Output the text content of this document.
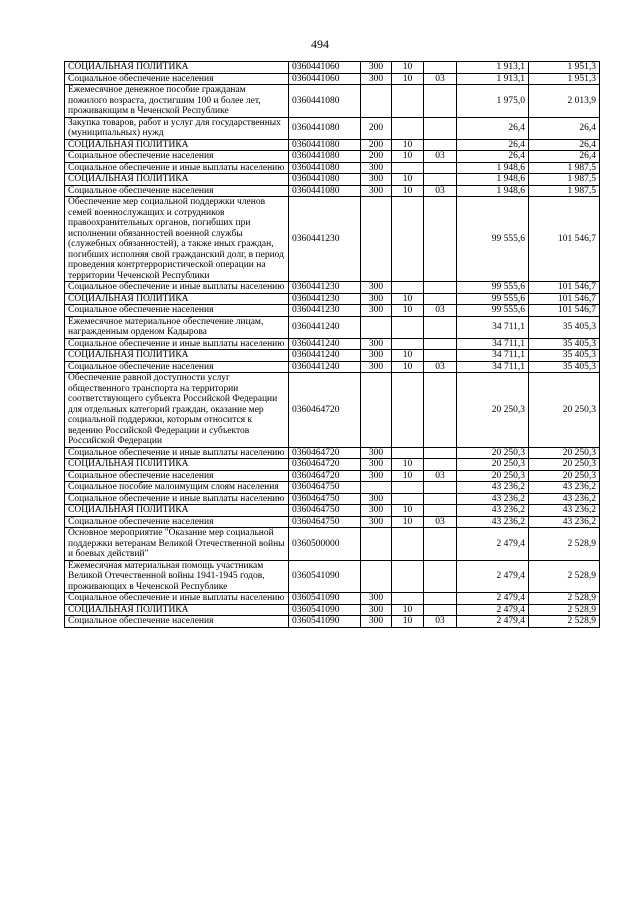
494
СОЦИАЛЬНАЯ ПОЛИТИКА	0360441060	300	10		1 913,1	1 951,3
Социальное обеспечение населения	0360441060	300	10	03	1 913,1	1 951,3
Ежемесячное денежное пособие гражданам пожилого возраста, достигшим 100 и более лет, проживающим в Чеченской Республике	0360441080				1 975,0	2 013,9
Закупка товаров, работ и услуг для государственных (муниципальных) нужд	0360441080	200			26,4	26,4
СОЦИАЛЬНАЯ ПОЛИТИКА	0360441080	200	10		26,4	26,4
Социальное обеспечение населения	0360441080	200	10	03	26,4	26,4
Социальное обеспечение и иные выплаты населению	0360441080	300			1 948,6	1 987,5
СОЦИАЛЬНАЯ ПОЛИТИКА	0360441080	300	10		1 948,6	1 987,5
Социальное обеспечение населения	0360441080	300	10	03	1 948,6	1 987,5
Обеспечение мер социальной поддержки членов семей военнослужащих и сотрудников правоохранительных органов, погибших при исполнении обязанностей военной службы (служебных обязанностей), а также иных граждан, погибших исполняя свой гражданский долг, в период проведения контртеррористической операции на территории Чеченской Республики	0360441230				99 555,6	101 546,7
Социальное обеспечение и иные выплаты населению	0360441230	300			99 555,6	101 546,7
СОЦИАЛЬНАЯ ПОЛИТИКА	0360441230	300	10		99 555,6	101 546,7
Социальное обеспечение населения	0360441230	300	10	03	99 555,6	101 546,7
Ежемесячное материальное обеспечение лицам, награжденным орденом Кадырова	0360441240				34 711,1	35 405,3
Социальное обеспечение и иные выплаты населению	0360441240	300			34 711,1	35 405,3
СОЦИАЛЬНАЯ ПОЛИТИКА	0360441240	300	10		34 711,1	35 405,3
Социальное обеспечение населения	0360441240	300	10	03	34 711,1	35 405,3
Обеспечение равной доступности услуг общественного транспорта на территории соответствующего субъекта Российской Федерации для отдельных категорий граждан, оказание мер социальной поддержки, которым относится к ведению Российской Федерации и субъектов Российской Федерации	0360464720				20 250,3	20 250,3
Социальное обеспечение и иные выплаты населению	0360464720	300			20 250,3	20 250,3
СОЦИАЛЬНАЯ ПОЛИТИКА	0360464720	300	10		20 250,3	20 250,3
Социальное обеспечение населения	0360464720	300	10	03	20 250,3	20 250,3
Социальное пособие малоимущим слоям населения	0360464750				43 236,2	43 236,2
Социальное обеспечение и иные выплаты населению	0360464750	300			43 236,2	43 236,2
СОЦИАЛЬНАЯ ПОЛИТИКА	0360464750	300	10		43 236,2	43 236,2
Социальное обеспечение населения	0360464750	300	10	03	43 236,2	43 236,2
Основное мероприятие "Оказание мер социальной поддержки ветеранам Великой Отечественной войны и боевых действий"	0360500000				2 479,4	2 528,9
Ежемесячная материальная помощь участникам Великой Отечественной войны 1941-1945 годов, проживающих в Чеченской Республике	0360541090				2 479,4	2 528,9
Социальное обеспечение и иные выплаты населению	0360541090	300			2 479,4	2 528,9
СОЦИАЛЬНАЯ ПОЛИТИКА	0360541090	300	10		2 479,4	2 528,9
Социальное обеспечение населения	0360541090	300	10	03	2 479,4	2 528,9
